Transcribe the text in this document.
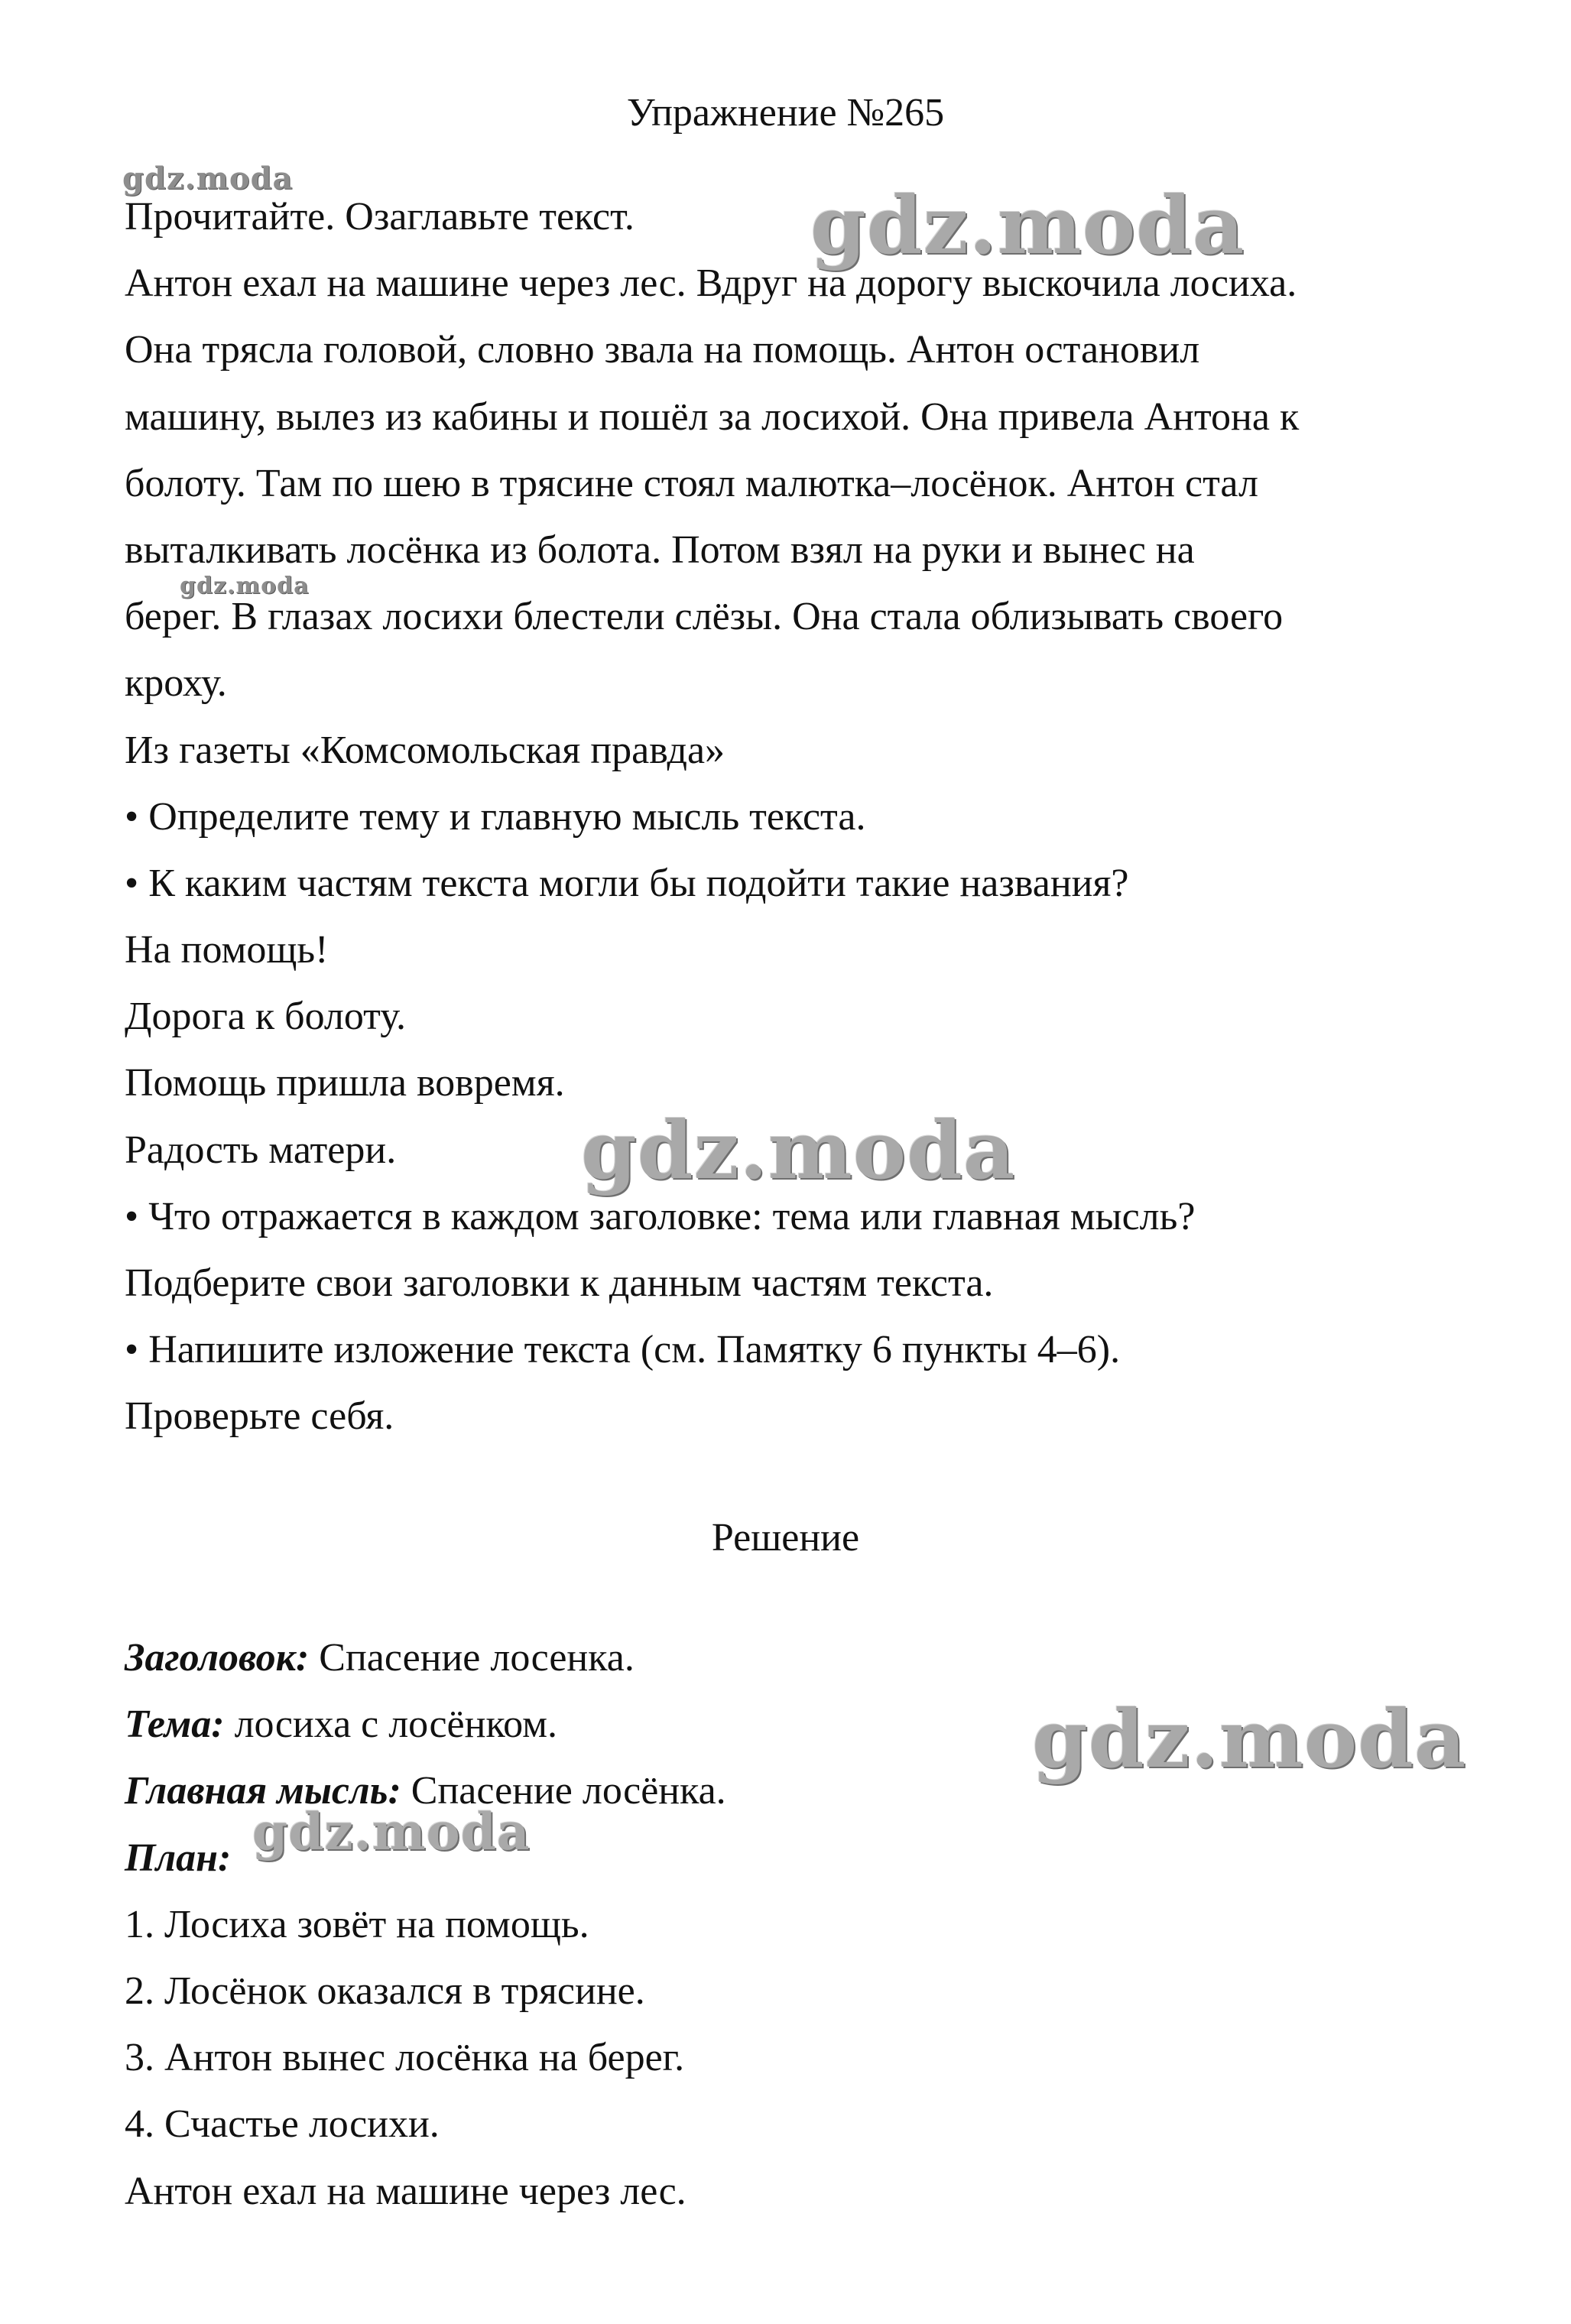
Упражнение №265
Прочитайте. Озаглавьте текст.
Антон ехал на машине через лес. Вдруг на дорогу выскочила лосиха.
Она трясла головой, словно звала на помощь. Антон остановил
машину, вылез из кабины и пошёл за лосихой. Она привела Антона к
болоту. Там по шею в трясине стоял малютка–лосёнок. Антон стал
выталкивать лосёнка из болота. Потом взял на руки и вынес на
берег. В глазах лосихи блестели слёзы. Она стала облизывать своего
кроху.
Из газеты «Комсомольская правда»
• Определите тему и главную мысль текста.
• К каким частям текста могли бы подойти такие названия?
На помощь!
Дорога к болоту.
Помощь пришла вовремя.
Радость матери.
• Что отражается в каждом заголовке: тема или главная мысль?
Подберите свои заголовки к данным частям текста.
• Напишите изложение текста (см. Памятку 6 пункты 4–6).
Проверьте себя.
Решение
Заголовок: Спасение лосенка.
Тема: лосиха с лосёнком.
Главная мысль: Спасение лосёнка.
План:
1. Лосиха зовёт на помощь.
2. Лосёнок оказался в трясине.
3. Антон вынес лосёнка на берег.
4. Счастье лосихи.
Антон ехал на машине через лес.
gdz.moda	gdz.moda
gdz.moda
gdz.moda
gdz.moda
gdz.moda
